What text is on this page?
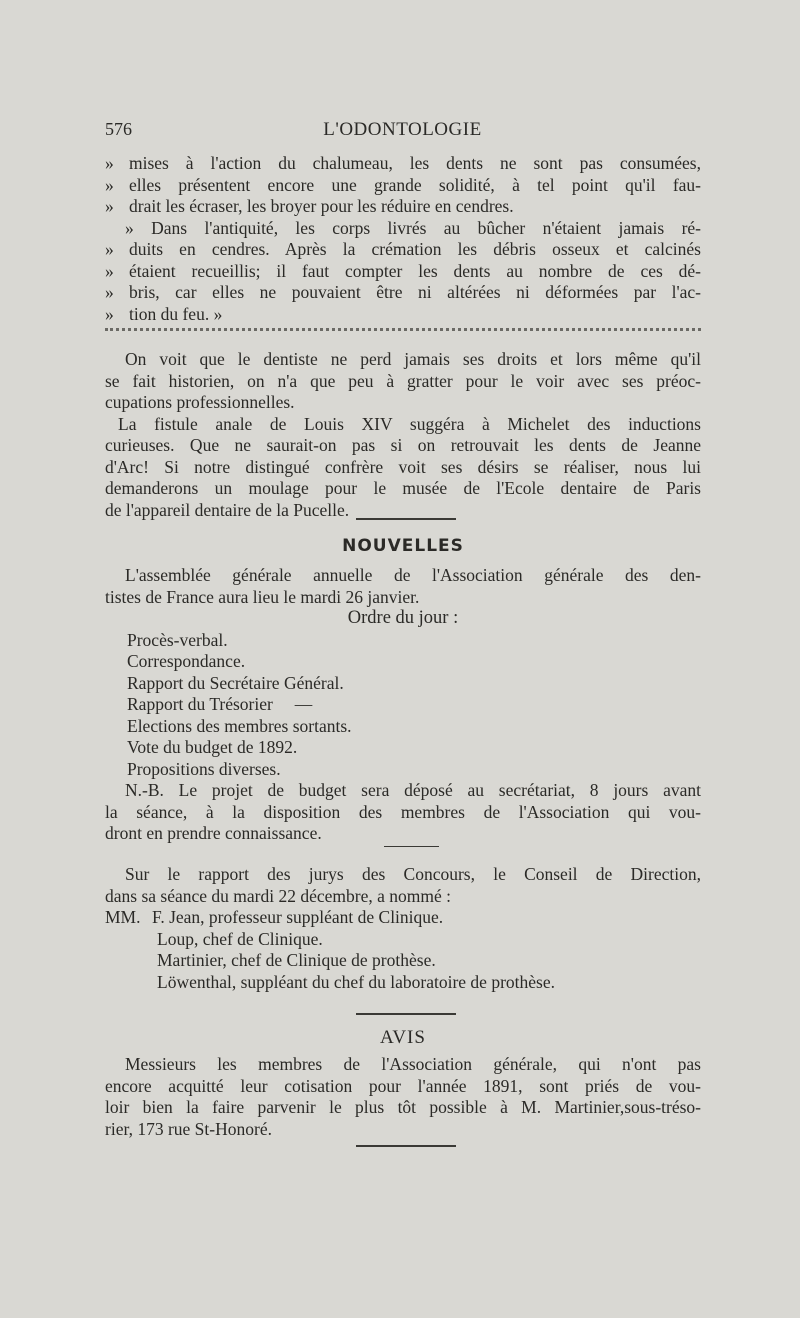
576	L'ODONTOLOGIE
» mises à l'action du chalumeau, les dents ne sont pas consumées,
» elles présentent encore une grande solidité, à tel point qu'il fau-
» drait les écraser, les broyer pour les réduire en cendres.
» Dans l'antiquité, les corps livrés au bûcher n'étaient jamais ré-
» duits en cendres. Après la crémation les débris osseux et calcinés
» étaient recueillis; il faut compter les dents au nombre de ces dé-
» bris, car elles ne pouvaient être ni altérées ni déformées par l'ac-
» tion du feu. »
On voit que le dentiste ne perd jamais ses droits et lors même qu'il
se fait historien, on n'a que peu à gratter pour le voir avec ses préoc-
cupations professionnelles.
La fistule anale de Louis XIV suggéra à Michelet des inductions
curieuses. Que ne saurait-on pas si on retrouvait les dents de Jeanne
d'Arc! Si notre distingué confrère voit ses désirs se réaliser, nous lui
demanderons un moulage pour le musée de l'Ecole dentaire de Paris
de l'appareil dentaire de la Pucelle.
NOUVELLES
L'assemblée générale annuelle de l'Association générale des den-
tistes de France aura lieu le mardi 26 janvier.
Ordre du jour :
Procès-verbal.
Correspondance.
Rapport du Secrétaire Général.
Rapport du Trésorier     —
Elections des membres sortants.
Vote du budget de 1892.
Propositions diverses.
N.-B. Le projet de budget sera déposé au secrétariat, 8 jours avant
la séance, à la disposition des membres de l'Association qui vou-
dront en prendre connaissance.
Sur le rapport des jurys des Concours, le Conseil de Direction,
dans sa séance du mardi 22 décembre, a nommé :
MM. F. Jean, professeur suppléant de Clinique.
Loup, chef de Clinique.
Martinier, chef de Clinique de prothèse.
Löwenthal, suppléant du chef du laboratoire de prothèse.
AVIS
Messieurs les membres de l'Association générale, qui n'ont pas
encore acquitté leur cotisation pour l'année 1891, sont priés de vou-
loir bien la faire parvenir le plus tôt possible à M. Martinier,sous-tréso-
rier, 173 rue St-Honoré.
